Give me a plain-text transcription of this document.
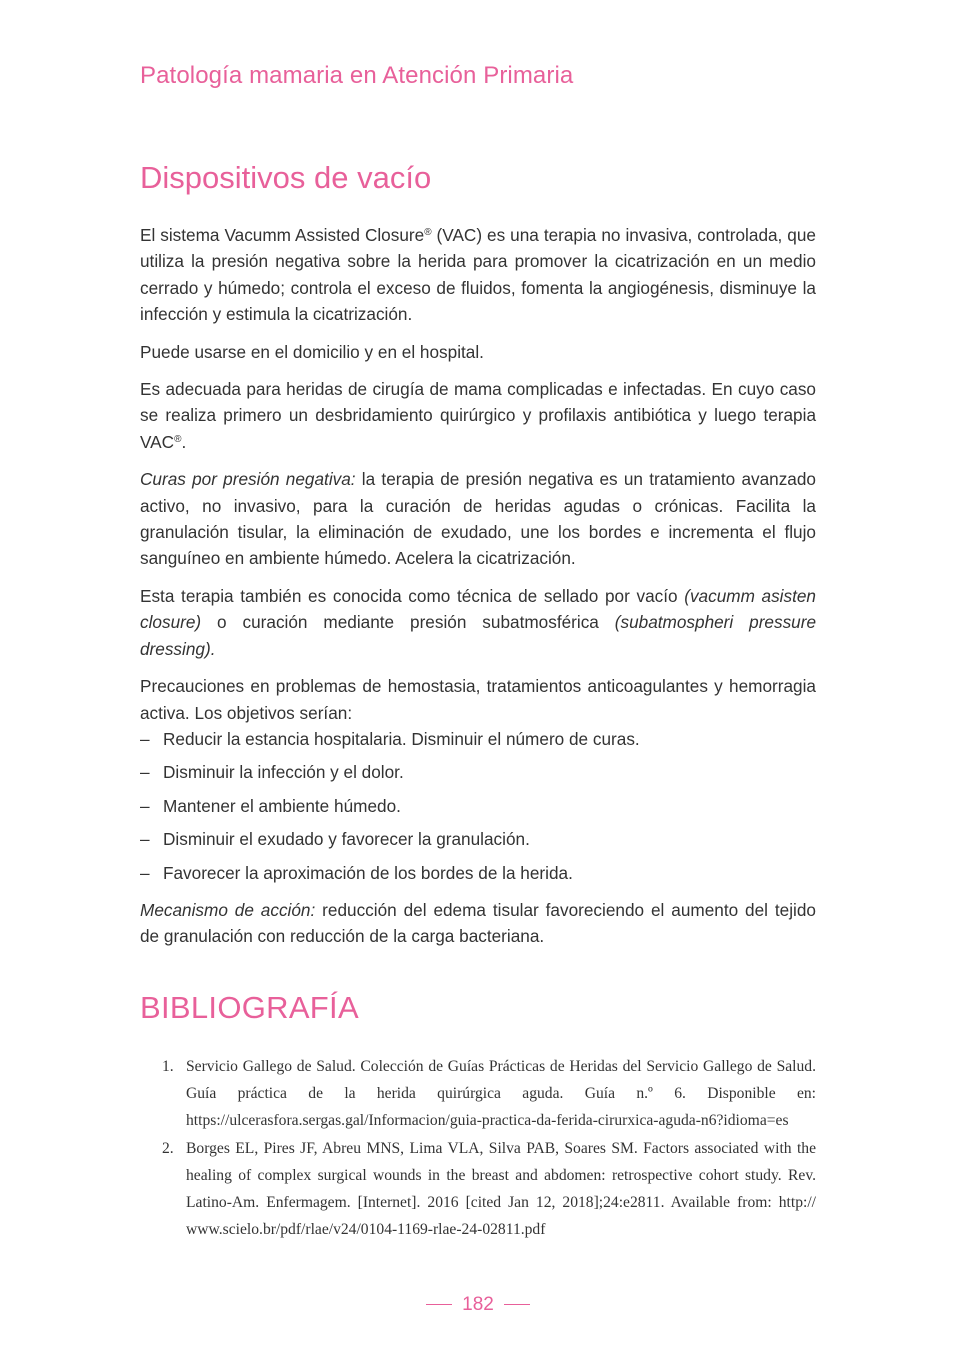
Patología mamaria en Atención Primaria
Dispositivos de vacío

El sistema Vacumm Assisted Closure® (VAC) es una terapia no invasiva, controlada, que utiliza la presión negativa sobre la herida para promover la cicatrización en un medio cerrado y húmedo; controla el exceso de fluidos, fomenta la angiogénesis, disminuye la infección y estimula la cicatrización.

Puede usarse en el domicilio y en el hospital.

Es adecuada para heridas de cirugía de mama complicadas e infectadas. En cuyo caso se realiza primero un desbridamiento quirúrgico y profilaxis antibiótica y luego terapia VAC®.

Curas por presión negativa: la terapia de presión negativa es un tratamiento avanzado activo, no invasivo, para la curación de heridas agudas o crónicas. Facilita la granulación tisular, la eliminación de exudado, une los bordes e incrementa el flujo sanguíneo en ambiente húmedo. Acelera la cicatrización.

Esta terapia también es conocida como técnica de sellado por vacío (vacumm asisten closure) o curación mediante presión subatmosférica (subatmospheri pressure dressing).

Precauciones en problemas de hemostasia, tratamientos anticoagulantes y hemorragia activa. Los objetivos serían:

– Reducir la estancia hospitalaria. Disminuir el número de curas.
– Disminuir la infección y el dolor.
– Mantener el ambiente húmedo.
– Disminuir el exudado y favorecer la granulación.
– Favorecer la aproximación de los bordes de la herida.

Mecanismo de acción: reducción del edema tisular favoreciendo el aumento del tejido de granulación con reducción de la carga bacteriana.

BIBLIOGRAFÍA
1. Servicio Gallego de Salud. Colección de Guías Prácticas de Heridas del Servicio Gallego de Salud. Guía práctica de la herida quirúrgica aguda. Guía n.º 6. Disponible en: https://ulcerasfora.sergas.gal/Informacion/guia-practica-da-ferida-cirurxica-aguda-n6?idioma=es
2. Borges EL, Pires JF, Abreu MNS, Lima VLA, Silva PAB, Soares SM. Factors associated with the healing of complex surgical wounds in the breast and abdomen: retrospective cohort study. Rev. Latino-Am. Enfermagem. [Internet]. 2016 [cited Jan 12, 2018];24:e2811. Available from: http:// www.scielo.br/pdf/rlae/v24/0104-1169-rlae-24-02811.pdf
182
